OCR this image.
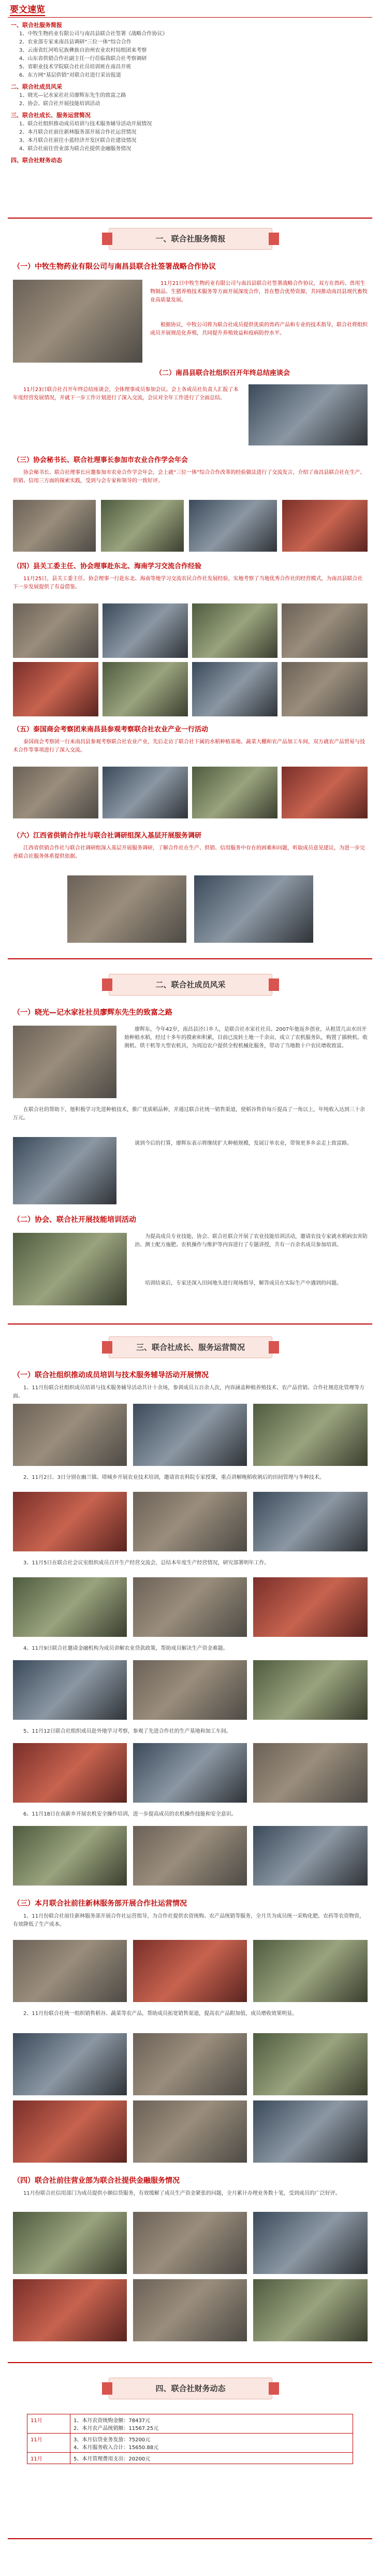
要文速览
一、联合社服务简报
1、中牧生物药业有限公司与南昌县联合社签署《战略合作协议》
2、农业部专家来南昌县调研“三位一体”综合合作
3、云南省红河哈尼族彝族自治州农业农村局组团来考察
4、山东省供销合作社副主任一行莅临我联合社考察调研
5、省职业技术学院联合社社员培训班在南昌开班
6、东方网“基层供销”对联合社进行采访报道
二、联合社成员风采
1、晓光—记水家社社员廖辉东先生的致富之路
2、协会、联合社开展技能培训活动
三、联合社成长、服务运营简况
1、联合社组织推动成员培训与技术服务辅导活动开展情况
2、本月联合社前往新林服务部开展合作社运营情况
3、本月联合社前往小蓝经济开发区联合社建设情况
4、联合社前往营业部为联合社提供金融服务情况
四、联合社财务动态
一、联合社服务简报
（一）中牧生物药业有限公司与南昌县联合社签署战略合作协议
11月21日中牧生物药业有限公司与南昌县联合社签署战略合作协议，双方在兽药、兽用生物制品、生猪养殖技术服务等方面开展深度合作，旨在整合优势资源，共同推动南昌县现代畜牧业高质量发展。
根据协议，中牧公司将为联合社成员提供优质的兽药产品和专业的技术指导，联合社将组织成员开展规范化养殖，共同提升养殖效益和疫病防控水平。
（二）南昌县联合社组织召开年终总结座谈会
11月23日联合社召开年终总结座谈会，全体理事成员参加会议。会上各成员社负责人汇报了本年度经营发展情况，并就下一步工作计划进行了深入交流，会议对全年工作进行了全面总结。
（三）协会秘书长、联合社理事长参加市农业合作学会年会
协会秘书长、联合社理事长应邀参加市农业合作学会年会，会上就“三位一体”综合合作改革的经验做法进行了交流发言，介绍了南昌县联合社在生产、供销、信用三方面的探索实践，受到与会专家和领导的一致好评。
（四）县关工委主任、协会理事赴东北、海南学习交流合作经验
11月25日，县关工委主任、协会理事一行赴东北、海南等地学习交流农民合作社发展经验，实地考察了当地优秀合作社的经营模式，为南昌县联合社下一步发展提供了有益借鉴。
（五）泰国商会考察团来南昌县参观考察联合社农业产业一行活动
泰国商会考察团一行来南昌县参观考察联合社农业产业，先后走访了联合社下属的水稻种植基地、蔬菜大棚和农产品加工车间，双方就农产品贸易与技术合作等事项进行了深入交流。
（六）江西省供销合作社与联合社调研组深入基层开展服务调研
江西省供销合作社与联合社调研组深入基层开展服务调研，了解合作社在生产、供销、信用服务中存在的困难和问题，听取成员意见建议，为进一步完善联合社服务体系提供依据。
二、联合社成员风采
（一）晓光—记水家社社员廖辉东先生的致富之路
廖辉东，今年42岁，南昌县泾口乡人，是联合社水家社社员。2007年他返乡创业，从租赁几亩水田开始种植水稻，经过十多年的摸索和积累，目前已流转土地一千余亩，成立了农机服务队，购置了插秧机、收割机、烘干机等大型农机具，为周边农户提供全程机械化服务，带动了当地数十户农民增收致富。
在联合社的帮助下，他积极学习先进种植技术，推广优质稻品种，并通过联合社统一销售渠道，使稻谷售价每斤提高了一角以上，年纯收入达到三十余万元。
谈到今后的打算，廖辉东表示将继续扩大种植规模，发展订单农业，带领更多乡亲走上致富路。
（二）协会、联合社开展技能培训活动
为提高成员专业技能，协会、联合社联合开展了农业技能培训活动，邀请农技专家就水稻病虫害防治、测土配方施肥、农机操作与维护等内容进行了专题讲授，共有一百余名成员参加培训。
培训结束后，专家还深入田间地头进行现场指导，解答成员在实际生产中遇到的问题。
三、联合社成长、服务运营简况
（一）联合社组织推动成员培训与技术服务辅导活动开展情况
1、11月份联合社组织成员培训与技术服务辅导活动共计十余场，参训成员五百余人次，内容涵盖种植养殖技术、农产品营销、合作社规范化管理等方面。
2、11月2日、3日分别在幽兰镇、塔城乡开展农业技术培训，邀请省农科院专家授课，重点讲解晚稻收割后的田间管理与冬种技术。
3、11月5日在联合社会议室组织成员召开生产经营交流会，总结本年度生产经营情况，研究部署明年工作。
4、11月9日联合社邀请金融机构为成员讲解农业贷款政策，帮助成员解决生产资金难题。
5、11月12日联合社组织成员赴外地学习考察，参观了先进合作社的生产基地和加工车间。
6、11月18日在南新乡开展农机安全操作培训，进一步提高成员的农机操作技能和安全意识。
（三）本月联合社前往新林服务部开展合作社运营情况
1、11月份联合社前往新林服务部开展合作社运营指导，为合作社提供农资统购、农产品统销等服务，全月共为成员统一采购化肥、农药等农资物资，有效降低了生产成本。
2、11月份联合社统一组织销售稻谷、蔬菜等农产品，帮助成员拓宽销售渠道，提高农产品附加值，成员增收效果明显。
（四）联合社前往营业部为联合社提供金融服务情况
11月份联合社信用部门为成员提供小额信贷服务，有效缓解了成员生产资金紧张的问题，全月累计办理业务数十笔，受到成员的广泛好评。
四、联合社财务动态
11月	1、本月农资统购金额：78437元
2、本月农产品统销额：11567.25元

11月	3、本月信贷业务发放：75200元
4、本月服务收入合计：15650.88元

11月	5、本月管理费用支出：20200元
